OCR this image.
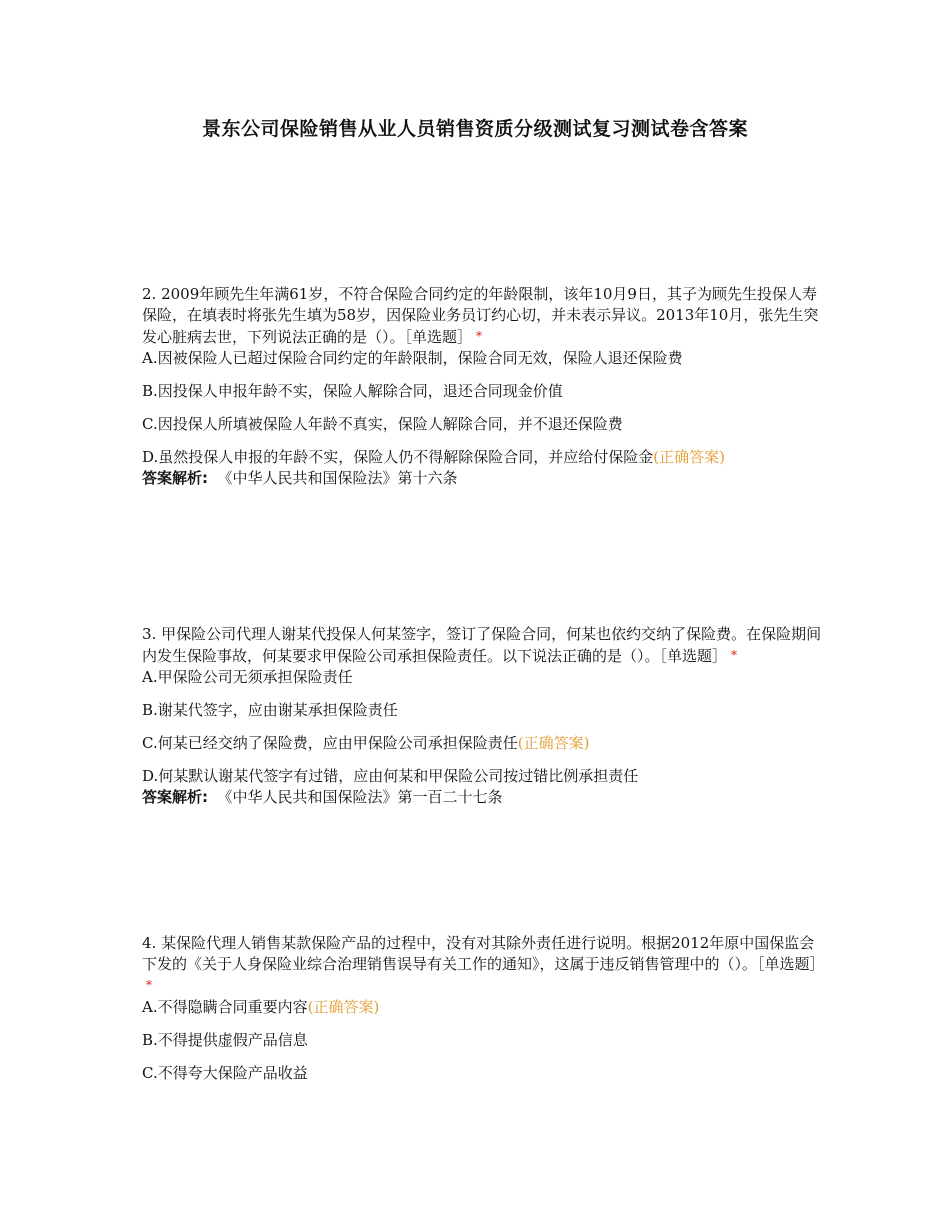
景东公司保险销售从业人员销售资质分级测试复习测试卷含答案

2. 2009年顾先生年满61岁，不符合保险合同约定的年龄限制，该年10月9日，其子为顾先生投保人寿保险，在填表时将张先生填为58岁，因保险业务员订约心切，并未表示异议。2013年10月，张先生突发心脏病去世，下列说法正确的是（）。［单选题］ *

A.因被保险人已超过保险合同约定的年龄限制，保险合同无效，保险人退还保险费

B.因投保人申报年龄不实，保险人解除合同，退还合同现金价值

C.因投保人所填被保险人年龄不真实，保险人解除合同，并不退还保险费

D.虽然投保人申报的年龄不实，保险人仍不得解除保险合同，并应给付保险金(正确答案)

答案解析: 《中华人民共和国保险法》第十六条

3. 甲保险公司代理人谢某代投保人何某签字，签订了保险合同，何某也依约交纳了保险费。在保险期间内发生保险事故，何某要求甲保险公司承担保险责任。以下说法正确的是（）。［单选题］ *

A.甲保险公司无须承担保险责任

B.谢某代签字，应由谢某承担保险责任

C.何某已经交纳了保险费，应由甲保险公司承担保险责任(正确答案)

D.何某默认谢某代签字有过错，应由何某和甲保险公司按过错比例承担责任

答案解析: 《中华人民共和国保险法》第一百二十七条

4. 某保险代理人销售某款保险产品的过程中，没有对其除外责任进行说明。根据2012年原中国保监会下发的《关于人身保险业综合治理销售误导有关工作的通知》，这属于违反销售管理中的（）。［单选题］*

A.不得隐瞒合同重要内容(正确答案)

B.不得提供虚假产品信息

C.不得夸大保险产品收益
